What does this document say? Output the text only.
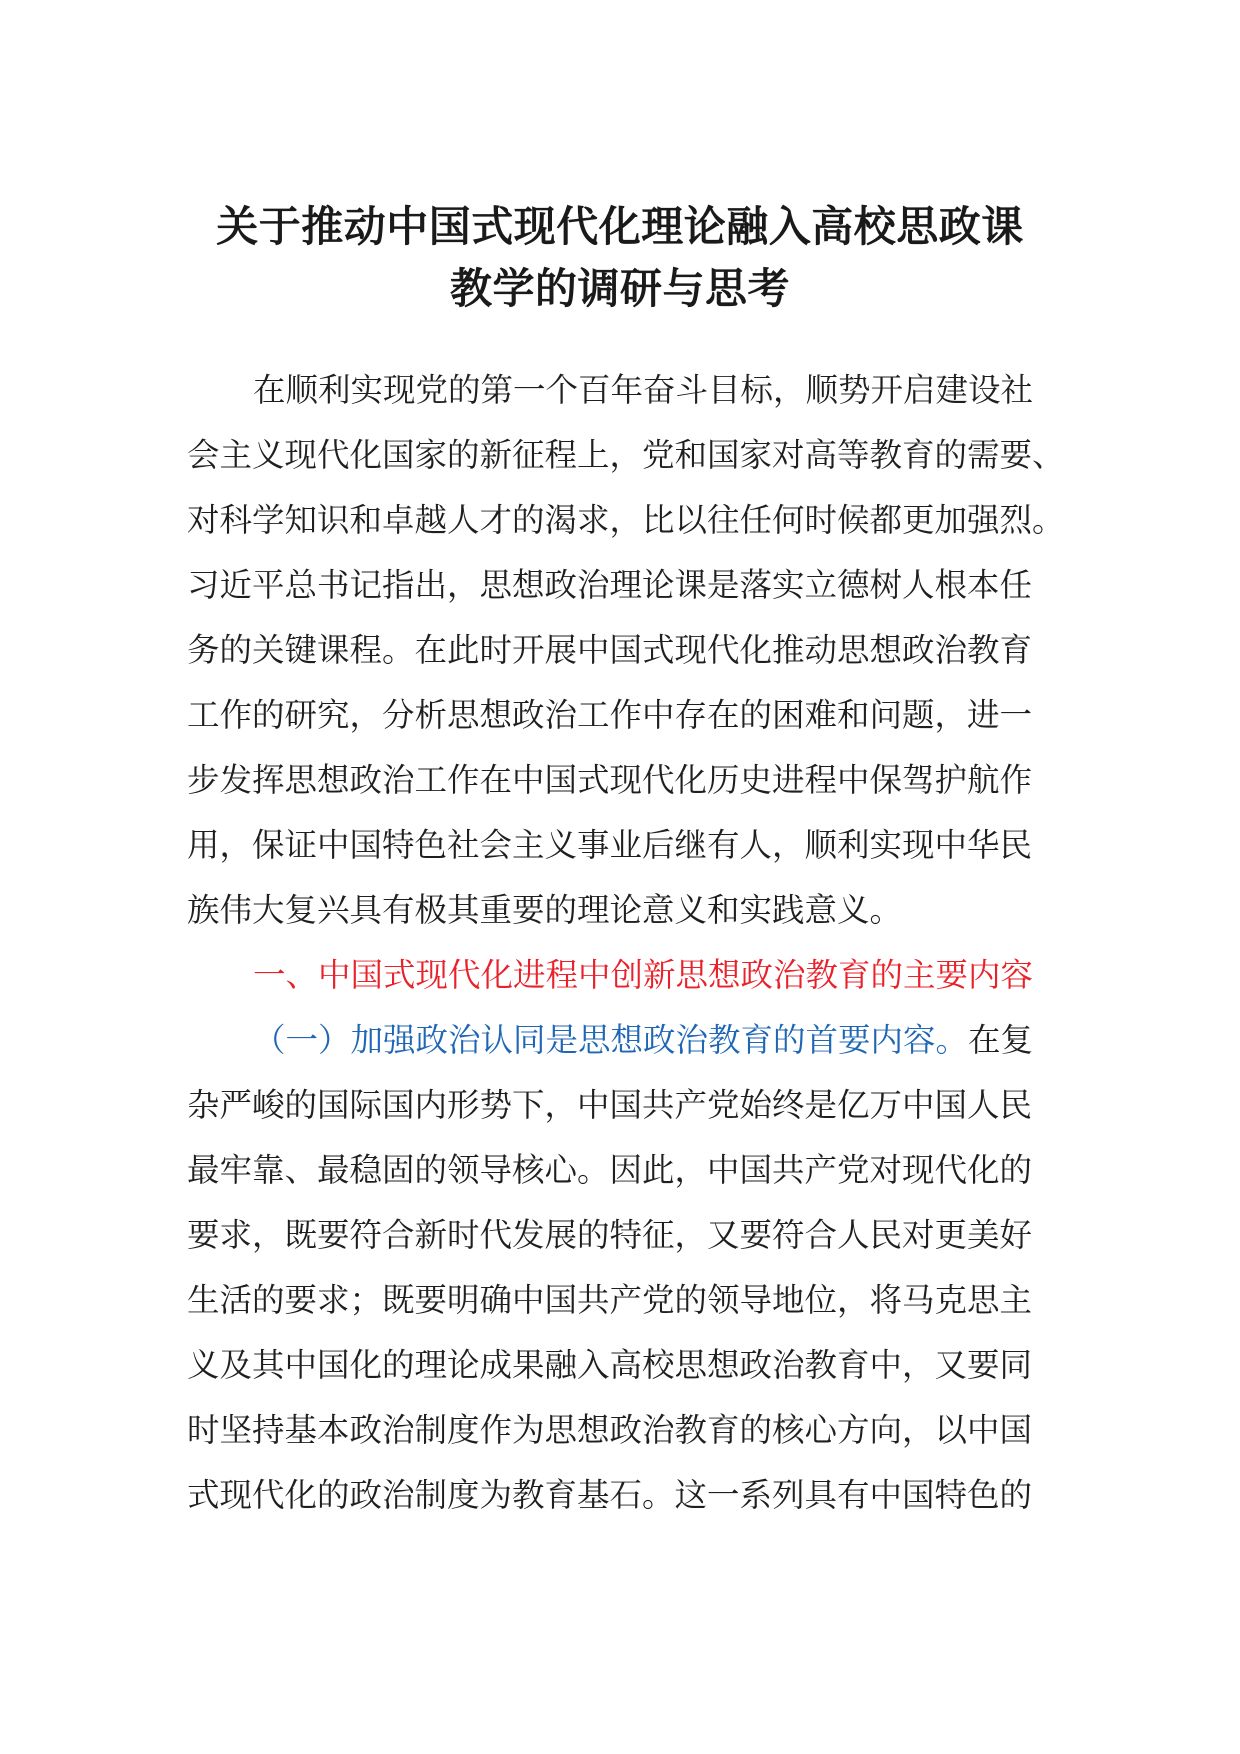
关于推动中国式现代化理论融入高校思政课
教学的调研与思考

在顺利实现党的第一个百年奋斗目标，顺势开启建设社
会主义现代化国家的新征程上，党和国家对高等教育的需要、
对科学知识和卓越人才的渴求，比以往任何时候都更加强烈。
习近平总书记指出，思想政治理论课是落实立德树人根本任
务的关键课程。在此时开展中国式现代化推动思想政治教育
工作的研究，分析思想政治工作中存在的困难和问题，进一
步发挥思想政治工作在中国式现代化历史进程中保驾护航作
用，保证中国特色社会主义事业后继有人，顺利实现中华民
族伟大复兴具有极其重要的理论意义和实践意义。

一、中国式现代化进程中创新思想政治教育的主要内容

（一）加强政治认同是思想政治教育的首要内容。在复
杂严峻的国际国内形势下，中国共产党始终是亿万中国人民
最牢靠、最稳固的领导核心。因此，中国共产党对现代化的
要求，既要符合新时代发展的特征，又要符合人民对更美好
生活的要求；既要明确中国共产党的领导地位，将马克思主
义及其中国化的理论成果融入高校思想政治教育中，又要同
时坚持基本政治制度作为思想政治教育的核心方向，以中国
式现代化的政治制度为教育基石。这一系列具有中国特色的
